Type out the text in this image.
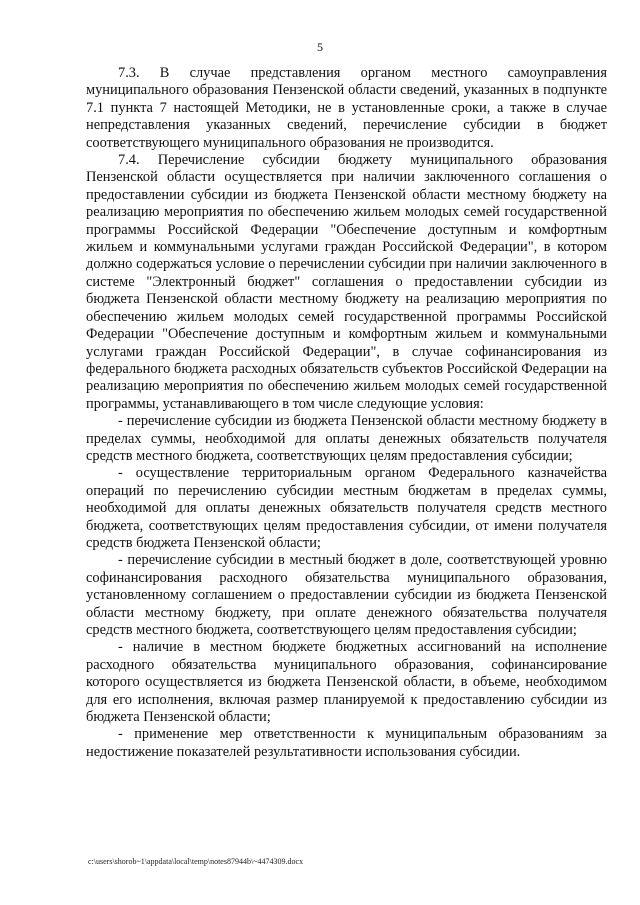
5

7.3. В случае представления органом местного самоуправления муниципального образования Пензенской области сведений, указанных в подпункте 7.1 пункта 7 настоящей Методики, не в установленные сроки, а также в случае непредставления указанных сведений, перечисление субсидии в бюджет соответствующего муниципального образования не производится.

7.4. Перечисление субсидии бюджету муниципального образования Пензенской области осуществляется при наличии заключенного соглашения о предоставлении субсидии из бюджета Пензенской области местному бюджету на реализацию мероприятия по обеспечению жильем молодых семей государственной программы Российской Федерации "Обеспечение доступным и комфортным жильем и коммунальными услугами граждан Российской Федерации", в котором должно содержаться условие о перечислении субсидии при наличии заключенного в системе "Электронный бюджет" соглашения о предоставлении субсидии из бюджета Пензенской области местному бюджету на реализацию мероприятия по обеспечению жильем молодых семей государственной программы Российской Федерации "Обеспечение доступным и комфортным жильем и коммунальными услугами граждан Российской Федерации", в случае софинансирования из федерального бюджета расходных обязательств субъектов Российской Федерации на реализацию мероприятия по обеспечению жильем молодых семей государственной программы, устанавливающего в том числе следующие условия:

- перечисление субсидии из бюджета Пензенской области местному бюджету в пределах суммы, необходимой для оплаты денежных обязательств получателя средств местного бюджета, соответствующих целям предоставления субсидии;

- осуществление территориальным органом Федерального казначейства операций по перечислению субсидии местным бюджетам в пределах суммы, необходимой для оплаты денежных обязательств получателя средств местного бюджета, соответствующих целям предоставления субсидии, от имени получателя средств бюджета Пензенской области;

- перечисление субсидии в местный бюджет в доле, соответствующей уровню софинансирования расходного обязательства муниципального образования, установленному соглашением о предоставлении субсидии из бюджета Пензенской области местному бюджету, при оплате денежного обязательства получателя средств местного бюджета, соответствующего целям предоставления субсидии;

- наличие в местном бюджете бюджетных ассигнований на исполнение расходного обязательства муниципального образования, софинансирование которого осуществляется из бюджета Пензенской области, в объеме, необходимом для его исполнения, включая размер планируемой к предоставлению субсидии из бюджета Пензенской области;

- применение мер ответственности к муниципальным образованиям за недостижение показателей результативности использования субсидии.

c:\users\shorob~1\appdata\local\temp\notes87944b\~4474309.docx
